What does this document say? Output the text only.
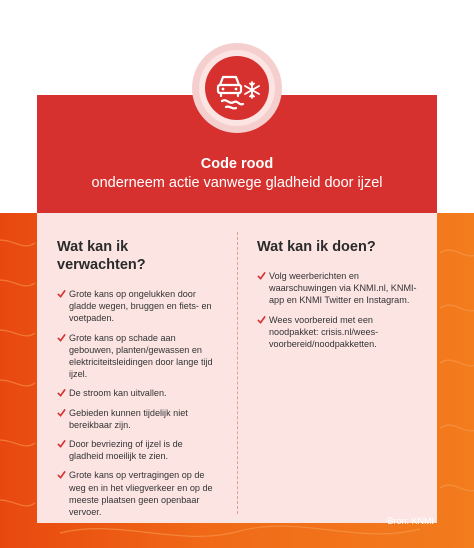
Code rood
onderneem actie vanwege gladheid door ijzel
Wat kan ik verwachten?
Grote kans op ongelukken door gladde wegen, bruggen en fiets- en voetpaden.
Grote kans op schade aan gebouwen, planten/gewassen en elektriciteitsleidingen door lange tijd ijzel.
De stroom kan uitvallen.
Gebieden kunnen tijdelijk niet bereikbaar zijn.
Door bevriezing of ijzel is de gladheid moeilijk te zien.
Grote kans op vertragingen op de weg en in het vliegverkeer en op de meeste plaatsen geen openbaar vervoer.
Wat kan ik doen?
Volg weerberichten en waarschuwingen via KNMI.nl, KNMI-app en KNMI Twitter en Instagram.
Wees voorbereid met een noodpakket: crisis.nl/wees-voorbereid/noodpakketten.
Bron: KNMI
